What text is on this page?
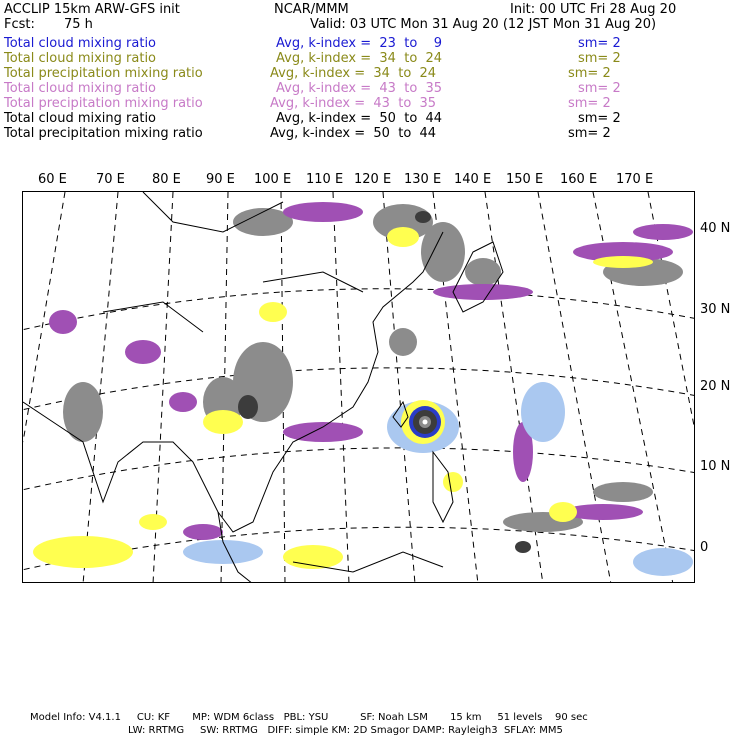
ACCLIP 15km ARW-GFS init	NCAR/MMM	Init: 00 UTC Fri 28 Aug 20
Fcst: 75 h	Valid: 03 UTC Mon 31 Aug 20 (12 JST Mon 31 Aug 20)
Total cloud mixing ratio	Avg, k-index =  23  to    9	sm= 2
Total cloud mixing ratio	Avg, k-index =  34  to  24	sm= 2
Total precipitation mixing ratio	Avg, k-index =  34  to  24	sm= 2
Total cloud mixing ratio	Avg, k-index =  43  to  35	sm= 2
Total precipitation mixing ratio	Avg, k-index =  43  to  35	sm= 2
Total cloud mixing ratio	Avg, k-index =  50  to  44	sm= 2
Total precipitation mixing ratio	Avg, k-index =  50  to  44	sm= 2
60 E 70 E 80 E 90 E 100 E 110 E 120 E 130 E 140 E 150 E 160 E 170 E
40 N
30 N
20 N
10 N
0
Model Info: V4.1.1     CU: KF       MP: WDM 6class   PBL: YSU          SF: Noah LSM       15 km     51 levels    90 sec
LW: RRTMG     SW: RRTMG   DIFF: simple KM: 2D Smagor DAMP: Rayleigh3  SFLAY: MM5
